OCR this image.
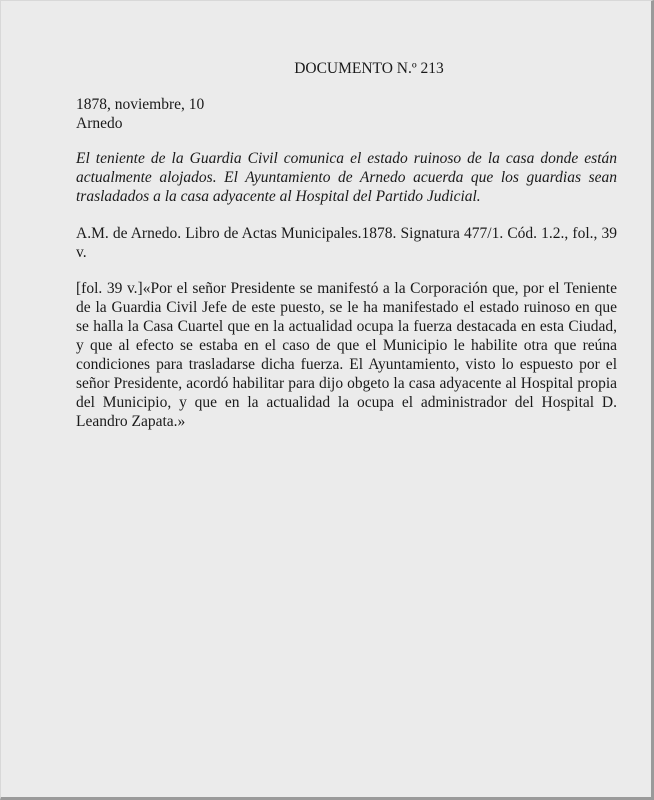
DOCUMENTO N.º 213

1878, noviembre, 10

Arnedo

El teniente de la Guardia Civil comunica el estado ruinoso de la casa donde están actualmente alojados. El Ayuntamiento de Arnedo acuerda que los guardias sean trasladados a la casa adyacente al Hospital del Partido Judicial.

A.M. de Arnedo. Libro de Actas Municipales.1878. Signatura 477/1. Cód. 1.2., fol., 39 v.

[fol. 39 v.]«Por el señor Presidente se manifestó a la Corporación que, por el Teniente de la Guardia Civil Jefe de este puesto, se le ha manifestado el estado ruinoso en que se halla la Casa Cuartel que en la actualidad ocupa la fuerza destacada en esta Ciudad, y que al efecto se estaba en el caso de que el Municipio le habilite otra que reúna condiciones para trasladarse dicha fuerza. El Ayuntamiento, visto lo espuesto por el señor Presidente, acordó habilitar para dijo obgeto la casa adyacente al Hospital propia del Municipio, y que en la actualidad la ocupa el administrador del Hospital D. Leandro Zapata.»
